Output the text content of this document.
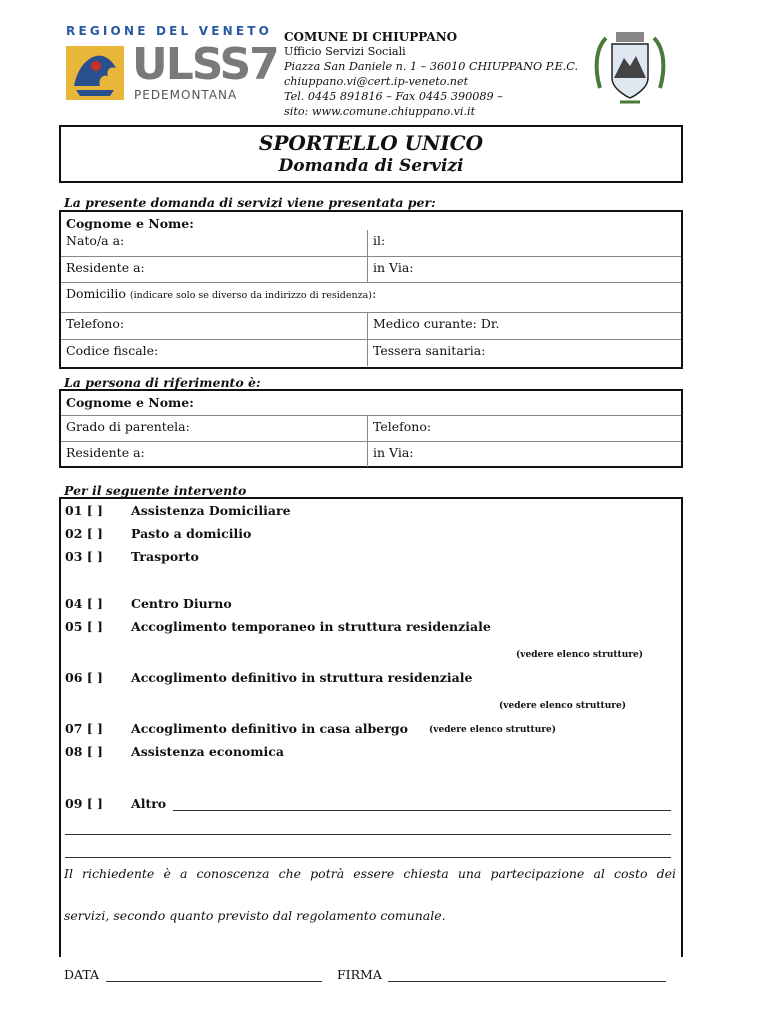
REGIONE DEL VENETO
ULSS7
PEDEMONTANA
COMUNE DI CHIUPPANO
Ufficio Servizi Sociali
Piazza San Daniele n. 1 – 36010 CHIUPPANO P.E.C.
chiuppano.vi@cert.ip-veneto.net
Tel. 0445 891816 – Fax 0445 390089 –
sito: www.comune.chiuppano.vi.it
SPORTELLO UNICO
Domanda di Servizi
La presente domanda di servizi viene presentata per:
Cognome e Nome:
Nato/a a:	il:
Residente a:	in Via:
Domicilio (indicare solo se diverso da indirizzo di residenza):
Telefono:	Medico curante: Dr.
Codice fiscale:	Tessera sanitaria:
La persona di riferimento è:
Cognome e Nome:
Grado di parentela:	Telefono:
Residente a:	in Via:
Per il seguente intervento
01 [ ] Assistenza Domiciliare
02 [ ] Pasto a domicilio
03 [ ] Trasporto
04 [ ] Centro Diurno
05 [ ] Accoglimento temporaneo in struttura residenziale
(vedere elenco strutture)
06 [ ] Accoglimento definitivo in struttura residenziale
(vedere elenco strutture)
07 [ ] Accoglimento definitivo in casa albergo (vedere elenco strutture)
08 [ ] Assistenza economica
09 [ ] Altro
Il richiedente è a conoscenza che potrà essere chiesta una partecipazione al costo dei
servizi, secondo quanto previsto dal regolamento comunale.
DATA	FIRMA
